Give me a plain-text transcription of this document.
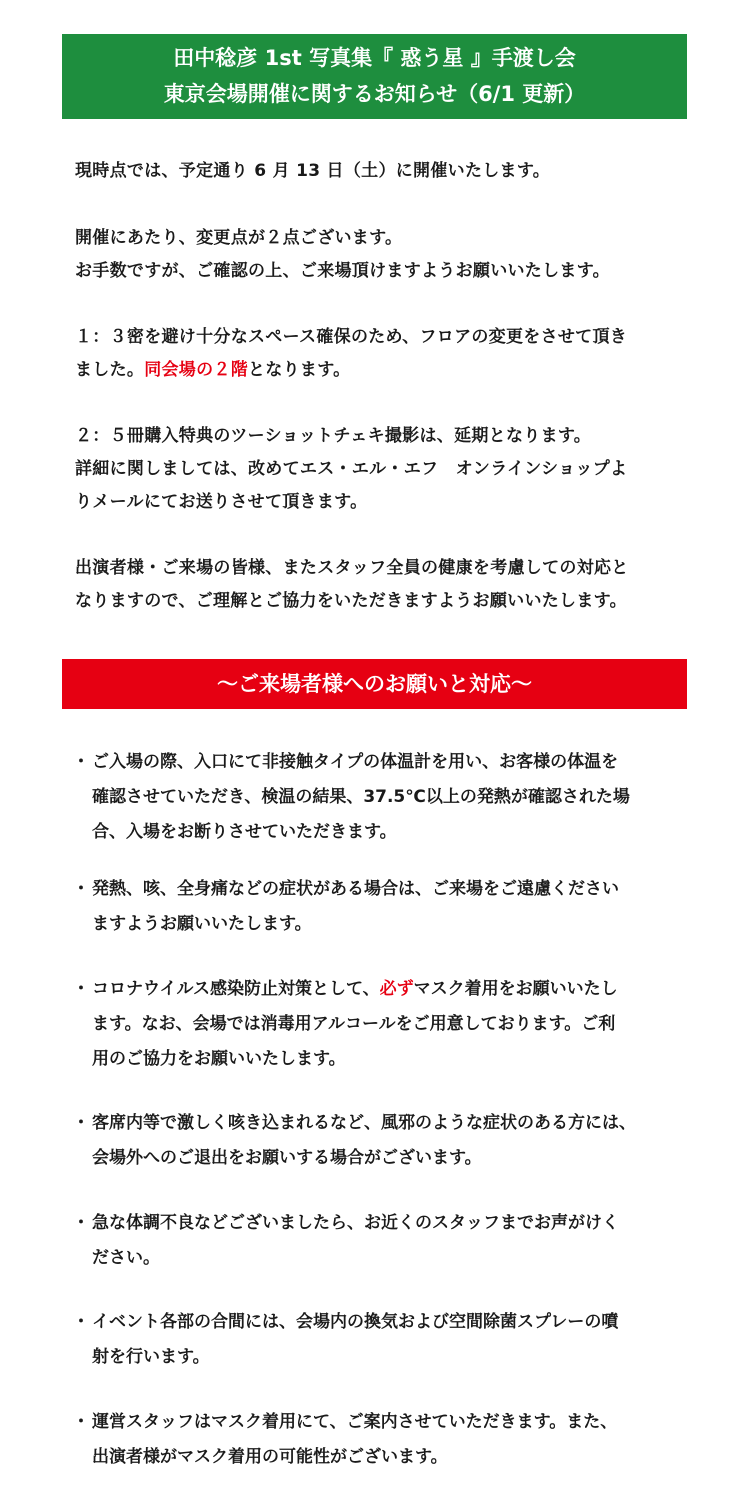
田中稔彦 1st 写真集『 惑う星 』手渡し会
東京会場開催に関するお知らせ（6/1 更新）

現時点では、予定通り 6 月 13 日（土）に開催いたします。

開催にあたり、変更点が２点ございます。
お手数ですが、ご確認の上、ご来場頂けますようお願いいたします。

１：３密を避け十分なスペース確保のため、フロアの変更をさせて頂き
ました。同会場の２階となります。

２：５冊購入特典のツーショットチェキ撮影は、延期となります。
詳細に関しましては、改めてエス・エル・エフ　オンラインショップよ
りメールにてお送りさせて頂きます。

出演者様・ご来場の皆様、またスタッフ全員の健康を考慮しての対応と
なりますので、ご理解とご協力をいただきますようお願いいたします。

～ご来場者様へのお願いと対応～
・ ご入場の際、入口にて非接触タイプの体温計を用い、お客様の体温を
確認させていただき、検温の結果、37.5℃以上の発熱が確認された場
合、入場をお断りさせていただきます。
・ 発熱、咳、全身痛などの症状がある場合は、ご来場をご遠慮ください
ますようお願いいたします。
・ コロナウイルス感染防止対策として、必ずマスク着用をお願いいたし
ます。なお、会場では消毒用アルコールをご用意しております。ご利
用のご協力をお願いいたします。
・ 客席内等で激しく咳き込まれるなど、風邪のような症状のある方には、
会場外へのご退出をお願いする場合がございます。
・ 急な体調不良などございましたら、お近くのスタッフまでお声がけく
ださい。
・ イベント各部の合間には、会場内の換気および空間除菌スプレーの噴
射を行います。
・ 運営スタッフはマスク着用にて、ご案内させていただきます。また、
出演者様がマスク着用の可能性がございます。
